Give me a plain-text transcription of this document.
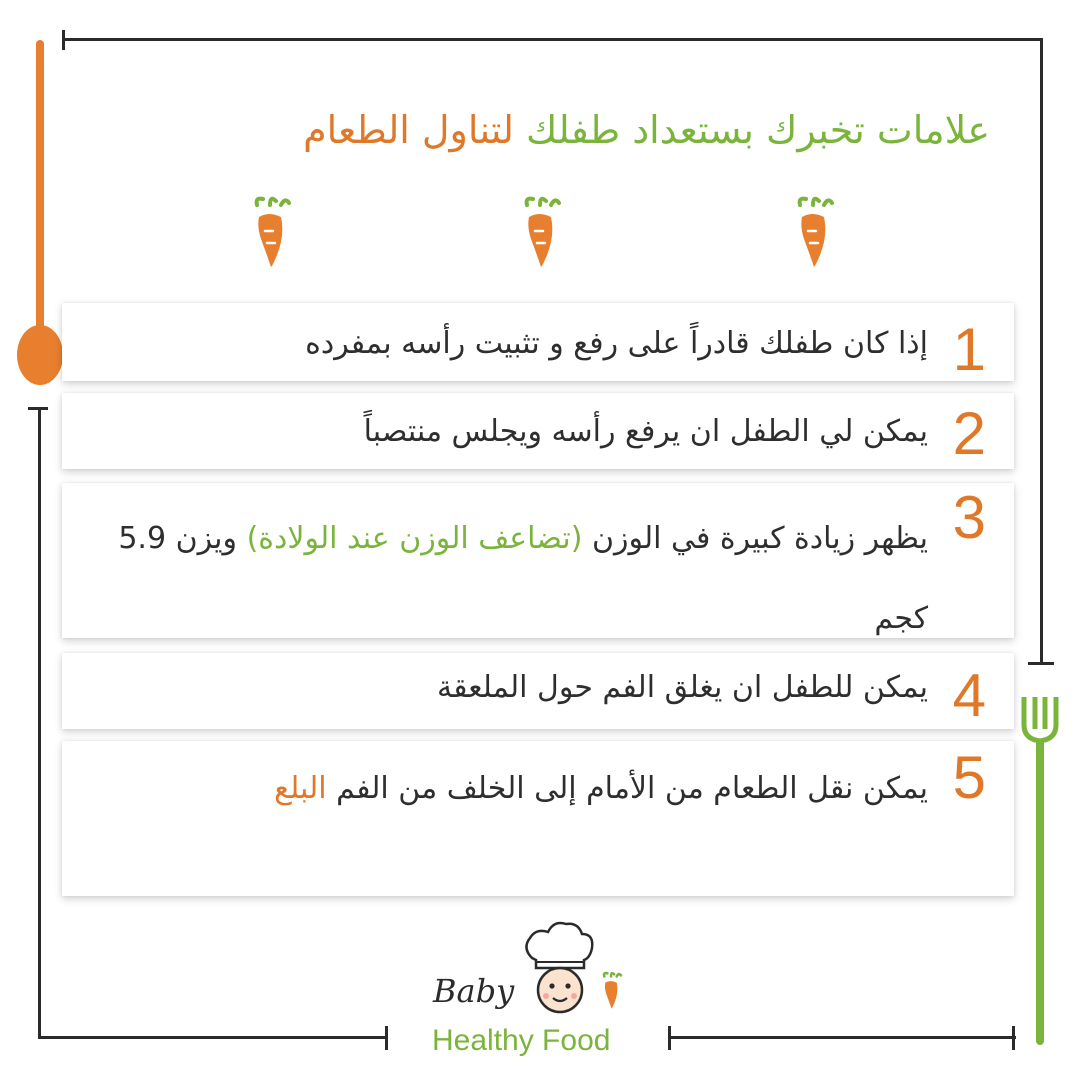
علامات تخبرك بستعداد طفلك لتناول الطعام
1
إذا كان طفلك قادراً على رفع و تثبيت رأسه بمفرده
2
يمكن لي الطفل ان يرفع رأسه ويجلس منتصباً
3
يظهر زيادة كبيرة في الوزن (تضاعف الوزن عند الولادة) ويزن 5.9 كجم
4
يمكن للطفل ان يغلق الفم حول الملعقة
5
يمكن نقل الطعام من الأمام إلى الخلف من الفم البلع
Baby
Healthy Food
